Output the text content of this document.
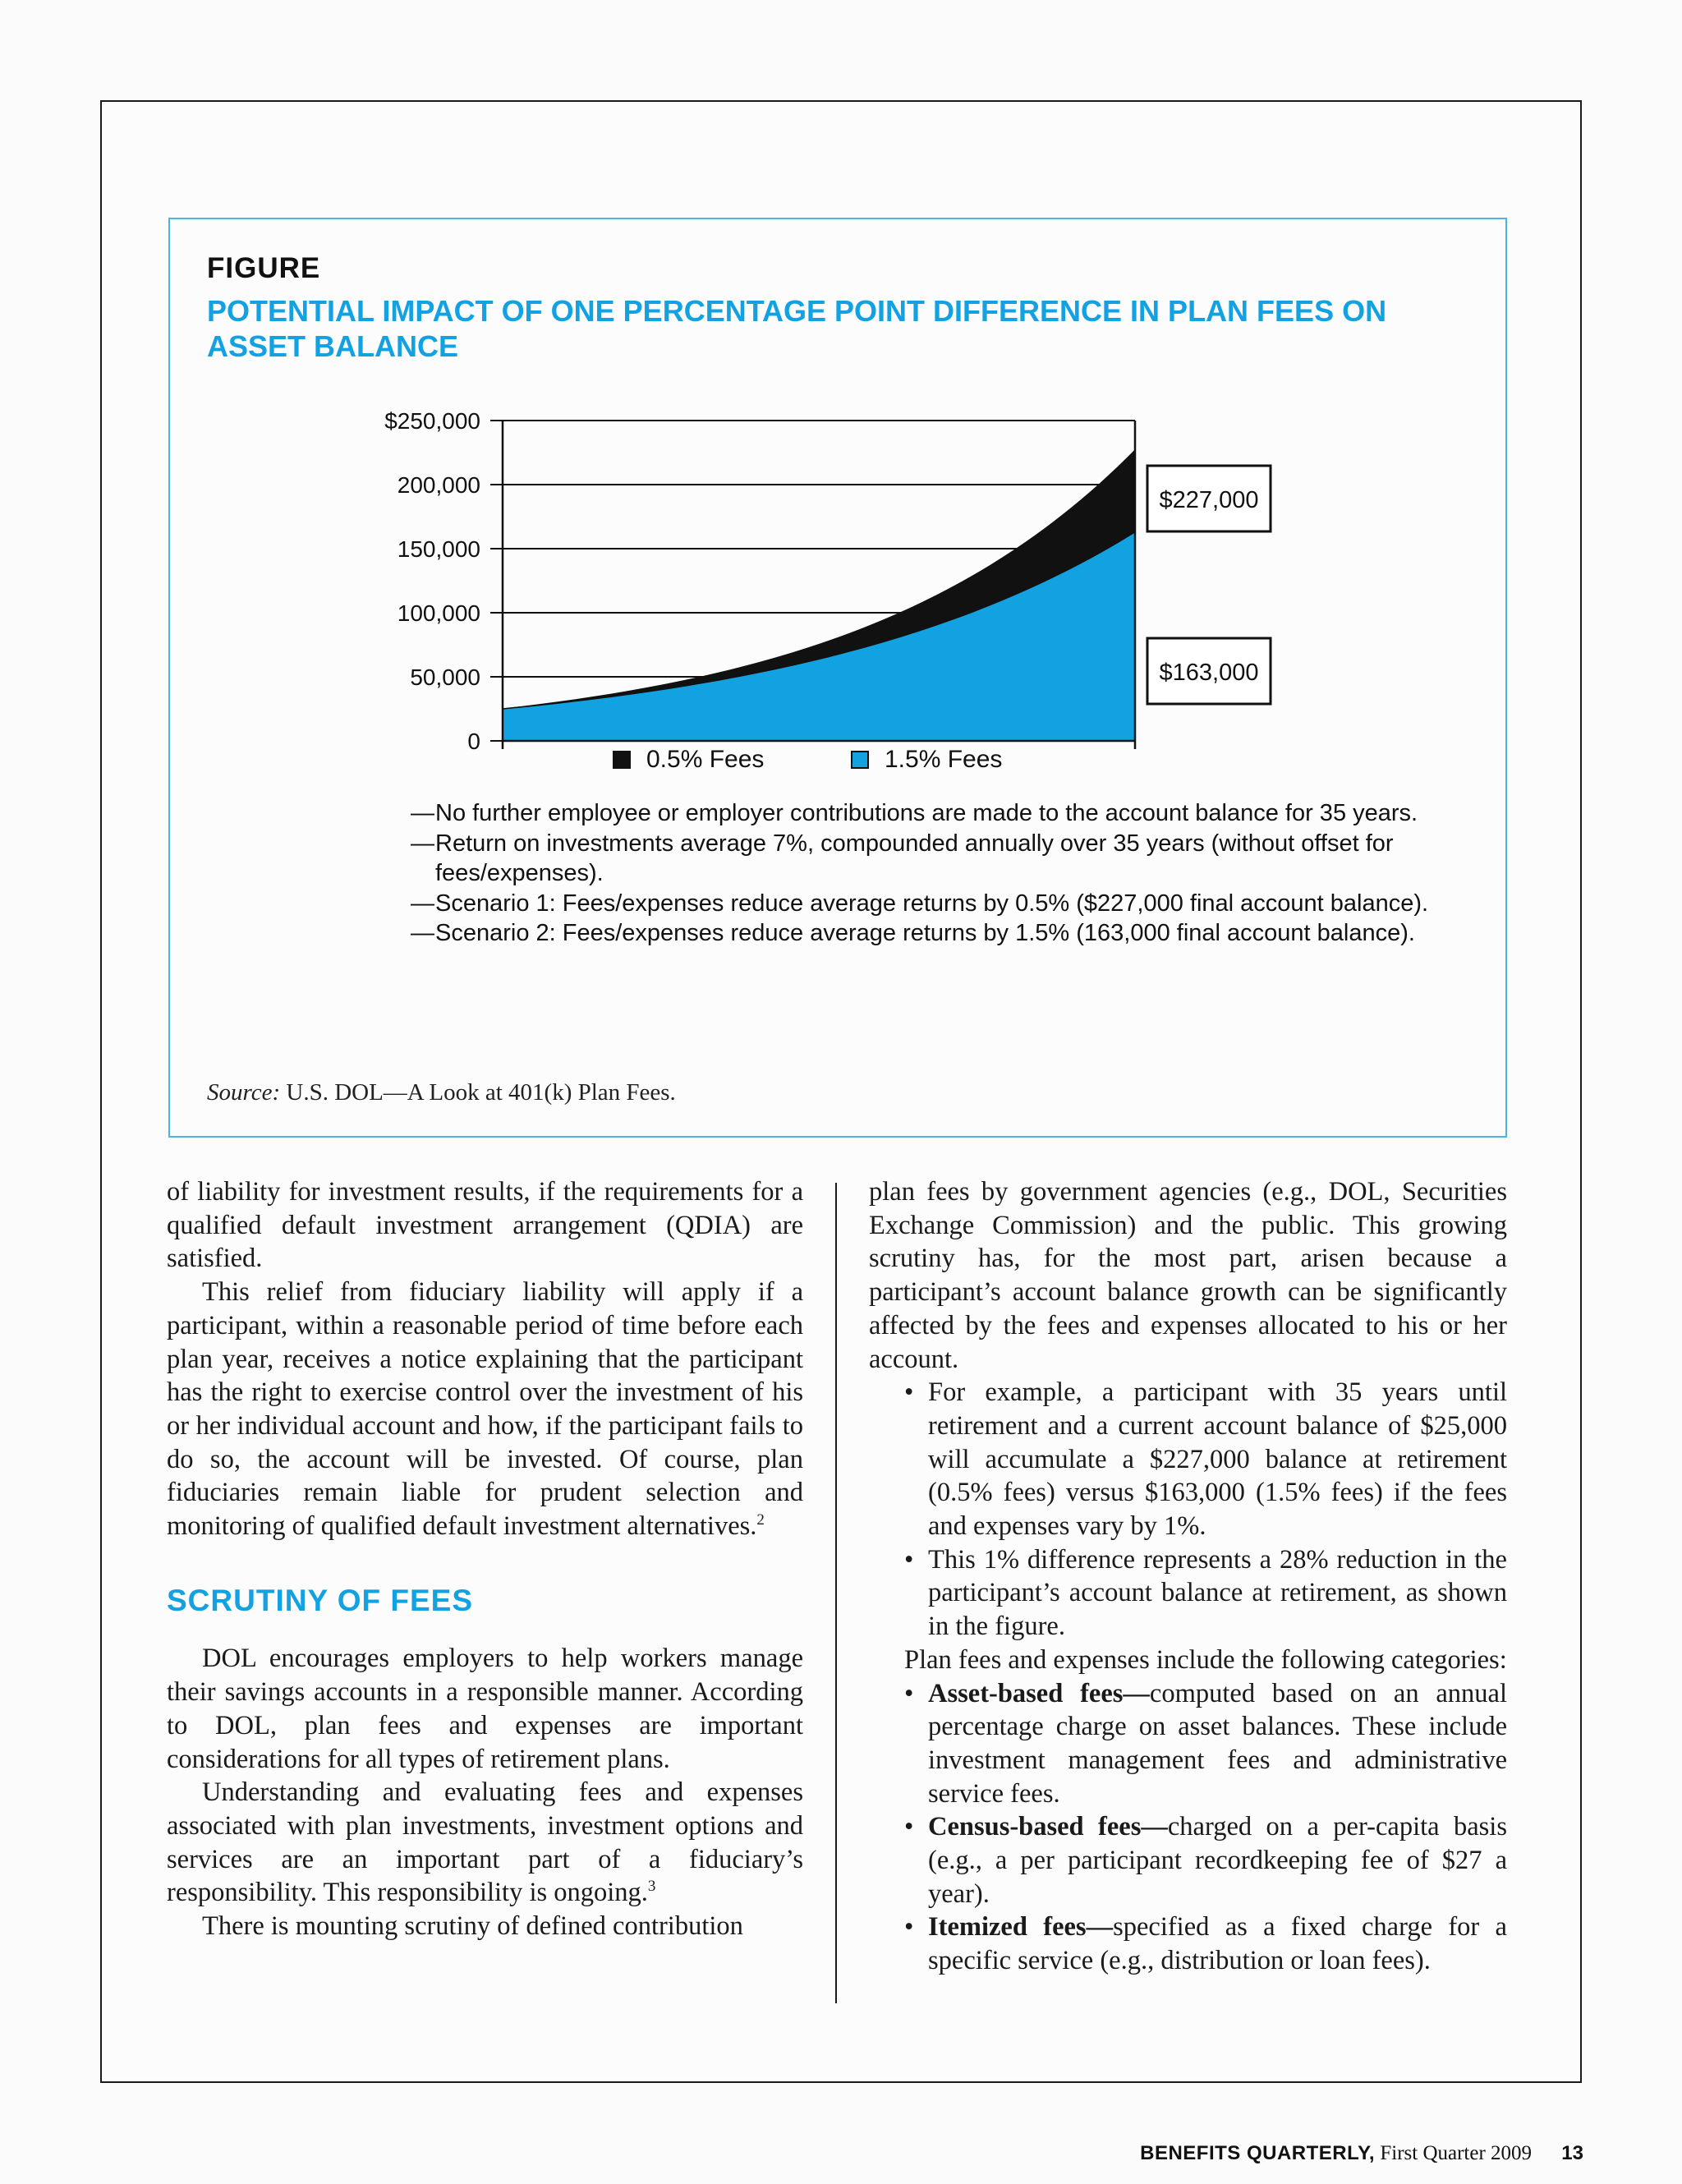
FIGURE
POTENTIAL IMPACT OF ONE PERCENTAGE POINT DIFFERENCE IN PLAN FEES ON ASSET BALANCE
0
50,000
100,000
150,000
200,000
$250,000
$227,000
$163,000
0.5% Fees	1.5% Fees
— No further employee or employer contributions are made to the account balance for 35 years.
— Return on investments average 7%, compounded annually over 35 years (without offset for fees/expenses).
— Scenario 1: Fees/expenses reduce average returns by 0.5% ($227,000 final account balance).
— Scenario 2: Fees/expenses reduce average returns by 1.5% (163,000 final account balance).
Source: U.S. DOL—A Look at 401(k) Plan Fees.

of liability for investment results, if the requirements for a qualified default investment arrangement (QDIA) are satisfied.

This relief from fiduciary liability will apply if a participant, within a reasonable period of time before each plan year, receives a notice explaining that the participant has the right to exercise control over the investment of his or her individual account and how, if the participant fails to do so, the account will be invested. Of course, plan fiduciaries remain liable for prudent selection and monitoring of qualified default investment alternatives.$^2$

SCRUTINY OF FEES

DOL encourages employers to help workers manage their savings accounts in a responsible manner. According to DOL, plan fees and expenses are important considerations for all types of retirement plans.

Understanding and evaluating fees and expenses associated with plan investments, investment options and services are an important part of a fiduciary’s responsibility. This responsibility is ongoing.$^3$

There is mounting scrutiny of defined contribution

plan fees by government agencies (e.g., DOL, Securities Exchange Commission) and the public. This growing scrutiny has, for the most part, arisen because a participant’s account balance growth can be significantly affected by the fees and expenses allocated to his or her account.

• For example, a participant with 35 years until retirement and a current account balance of $25,000 will accumulate a $227,000 balance at retirement (0.5% fees) versus $163,000 (1.5% fees) if the fees and expenses vary by 1%.
• This 1% difference represents a 28% reduction in the participant’s account balance at retirement, as shown in the figure.

Plan fees and expenses include the following categories:

• Asset-based fees—computed based on an annual percentage charge on asset balances. These include investment management fees and administrative service fees.
• Census-based fees—charged on a per-capita basis (e.g., a per participant recordkeeping fee of $27 a year).
• Itemized fees—specified as a fixed charge for a specific service (e.g., distribution or loan fees).
BENEFITS QUARTERLY, First Quarter 2009 13
